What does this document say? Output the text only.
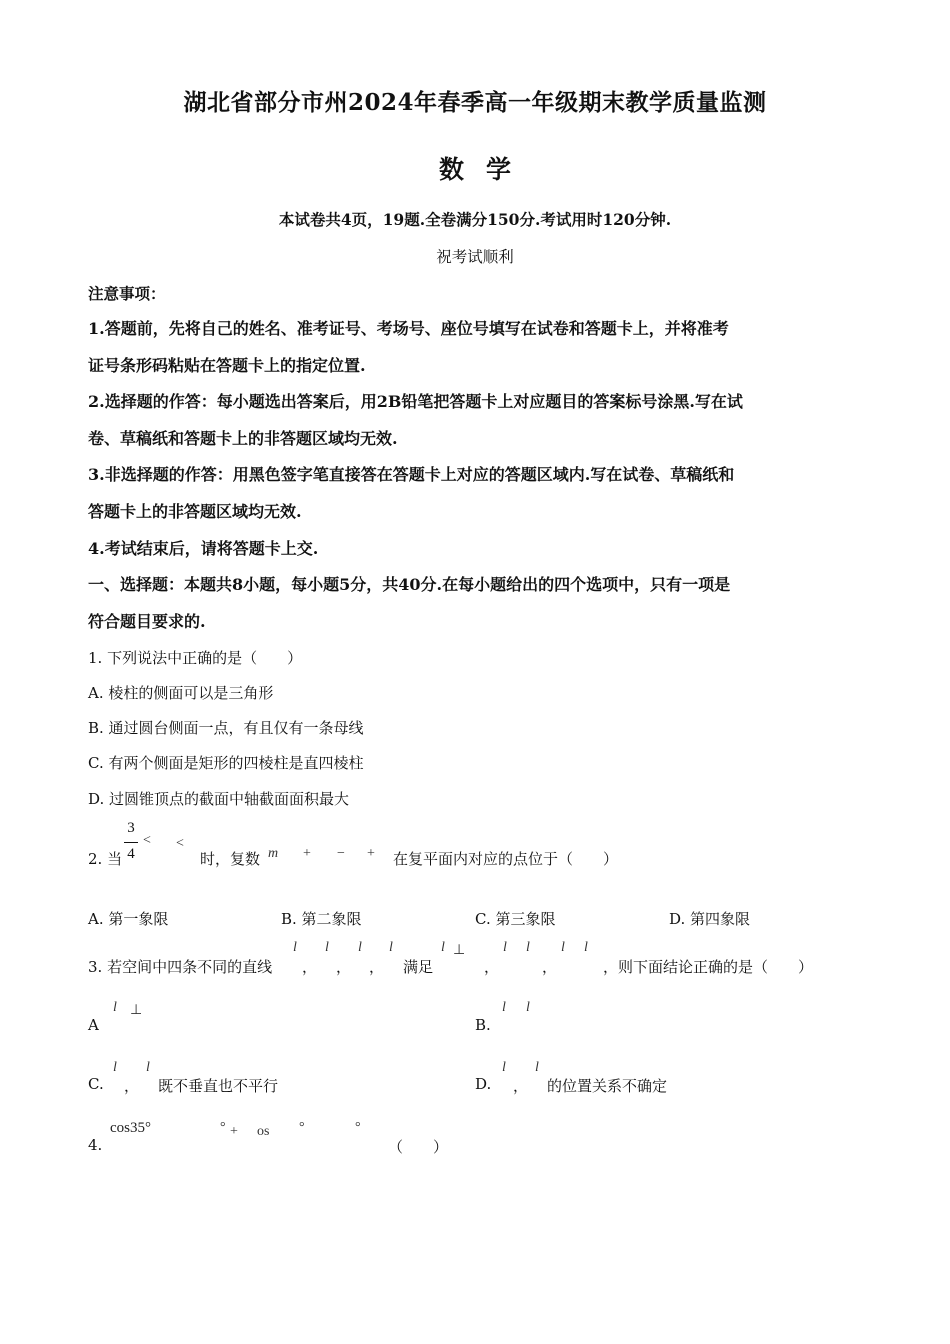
湖北省部分市州2024年春季高一年级期末教学质量监测
数学
本试卷共4页，19题.全卷满分150分.考试用时120分钟.
祝考试顺利
注意事项：
1.答题前，先将自己的姓名、准考证号、考场号、座位号填写在试卷和答题卡上，并将准考
证号条形码粘贴在答题卡上的指定位置.
2.选择题的作答：每小题选出答案后，用2B铅笔把答题卡上对应题目的答案标号涂黑.写在试
卷、草稿纸和答题卡上的非答题区域均无效.
3.非选择题的作答：用黑色签字笔直接答在答题卡上对应的答题区域内.写在试卷、草稿纸和
答题卡上的非答题区域均无效.
4.考试结束后，请将答题卡上交.
一、选择题：本题共8小题，每小题5分，共40分.在每小题给出的四个选项中，只有一项是
符合题目要求的.
1. 下列说法中正确的是（　　）
A. 棱柱的侧面可以是三角形
B. 通过圆台侧面一点，有且仅有一条母线
C. 有两个侧面是矩形的四棱柱是直四棱柱
D. 过圆锥顶点的截面中轴截面面积最大
2. 当
3
4
< <
时，复数 m + − + 在复平面内对应的点位于（　　）
A. 第一象限	B. 第二象限	C. 第三象限	D. 第四象限
3. 若空间中四条不同的直线
l
，
l
，
l
，
l
满足
l ⊥
，
l l
，
l l
，则下面结论正确的是（　　）
A
l ⊥
B.
l l
C.
l
，
l
既不垂直也不平行	D.
l
，
l
的位置关系不确定
4.
cos35°	° + os °	°
（　　）
